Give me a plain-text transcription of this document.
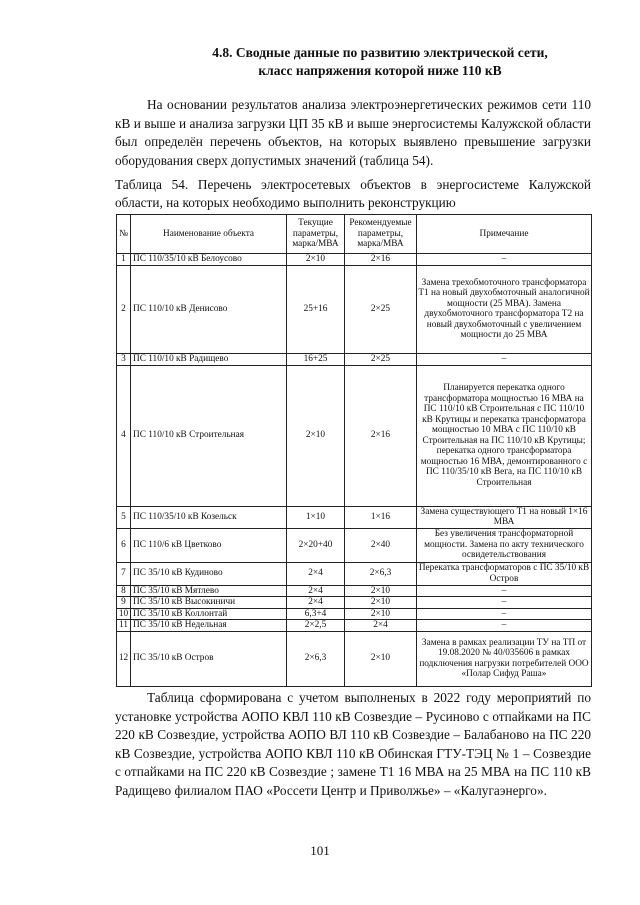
4.8. Сводные данные по развитию электрической сети,
класс напряжения которой ниже 110 кВ
На основании результатов анализа электроэнергетических режимов сети 110 кВ и выше и анализа загрузки ЦП 35 кВ и выше энергосистемы Калужской области был определён перечень объектов, на которых выявлено превышение загрузки оборудования сверх допустимых значений (таблица 54).
Таблица 54. Перечень электросетевых объектов в энергосистеме Калужской области, на которых необходимо выполнить реконструкцию
№	Наименование объекта	Текущие параметры, марка/МВА	Рекомендуемые параметры, марка/МВА	Примечание
1	ПС 110/35/10 кВ Белоусово	2×10	2×16	–
2	ПС 110/10 кВ Денисово	25+16	2×25	Замена трехобмоточного трансформатора Т1 на новый двухобмоточный аналогичной мощности (25 МВА). Замена двухобмоточного трансформатора Т2 на новый двухобмоточный с увеличением мощности до 25 МВА
3	ПС 110/10 кВ Радищево	16+25	2×25	–
4	ПС 110/10 кВ Строительная	2×10	2×16	Планируется перекатка одного трансформатора мощностью 16 МВА на ПС 110/10 кВ Строительная с ПС 110/10 кВ Крутицы и перекатка трансформатора мощностью 10 МВА с ПС 110/10 кВ Строительная на ПС 110/10 кВ Крутицы; перекатка одного трансформатора мощностью 16 МВА, демонтированного с ПС 110/35/10 кВ Вега, на ПС 110/10 кВ Строительная
5	ПС 110/35/10 кВ Козельск	1×10	1×16	Замена существующего Т1 на новый 1×16 МВА
6	ПС 110/6 кВ Цветково	2×20+40	2×40	Без увеличения трансформаторной мощности. Замена по акту технического освидетельствования
7	ПС 35/10 кВ Кудиново	2×4	2×6,3	Перекатка трансформаторов с ПС 35/10 кВ Остров
8	ПС 35/10 кВ Мятлево	2×4	2×10	–
9	ПС 35/10 кВ Высокиничи	2×4	2×10	–
10	ПС 35/10 кВ Коллонтай	6,3+4	2×10	–
11	ПС 35/10 кВ Недельная	2×2,5	2×4	–
12	ПС 35/10 кВ Остров	2×6,3	2×10	Замена в рамках реализации ТУ на ТП от 19.08.2020 № 40/035606 в рамках подключения нагрузки потребителей ООО «Полар Сифуд Раша»
Таблица сформирована с учетом выполненых в 2022 году мероприятий по установке устройства АОПО КВЛ 110 кВ Созвездие – Русиново с отпайками на ПС 220 кВ Созвездие, устройства АОПО ВЛ 110 кВ Созвездие – Балабаново на ПС 220 кВ Созвездие, устройства АОПО КВЛ 110 кВ Обинская ГТУ-ТЭЦ № 1 – Созвездие с отпайками на ПС 220 кВ Созвездие ; замене Т1 16 МВА на 25 МВА на ПС 110 кВ Радищево филиалом ПАО «Россети Центр и Приволжье» – «Калугаэнерго».
101
